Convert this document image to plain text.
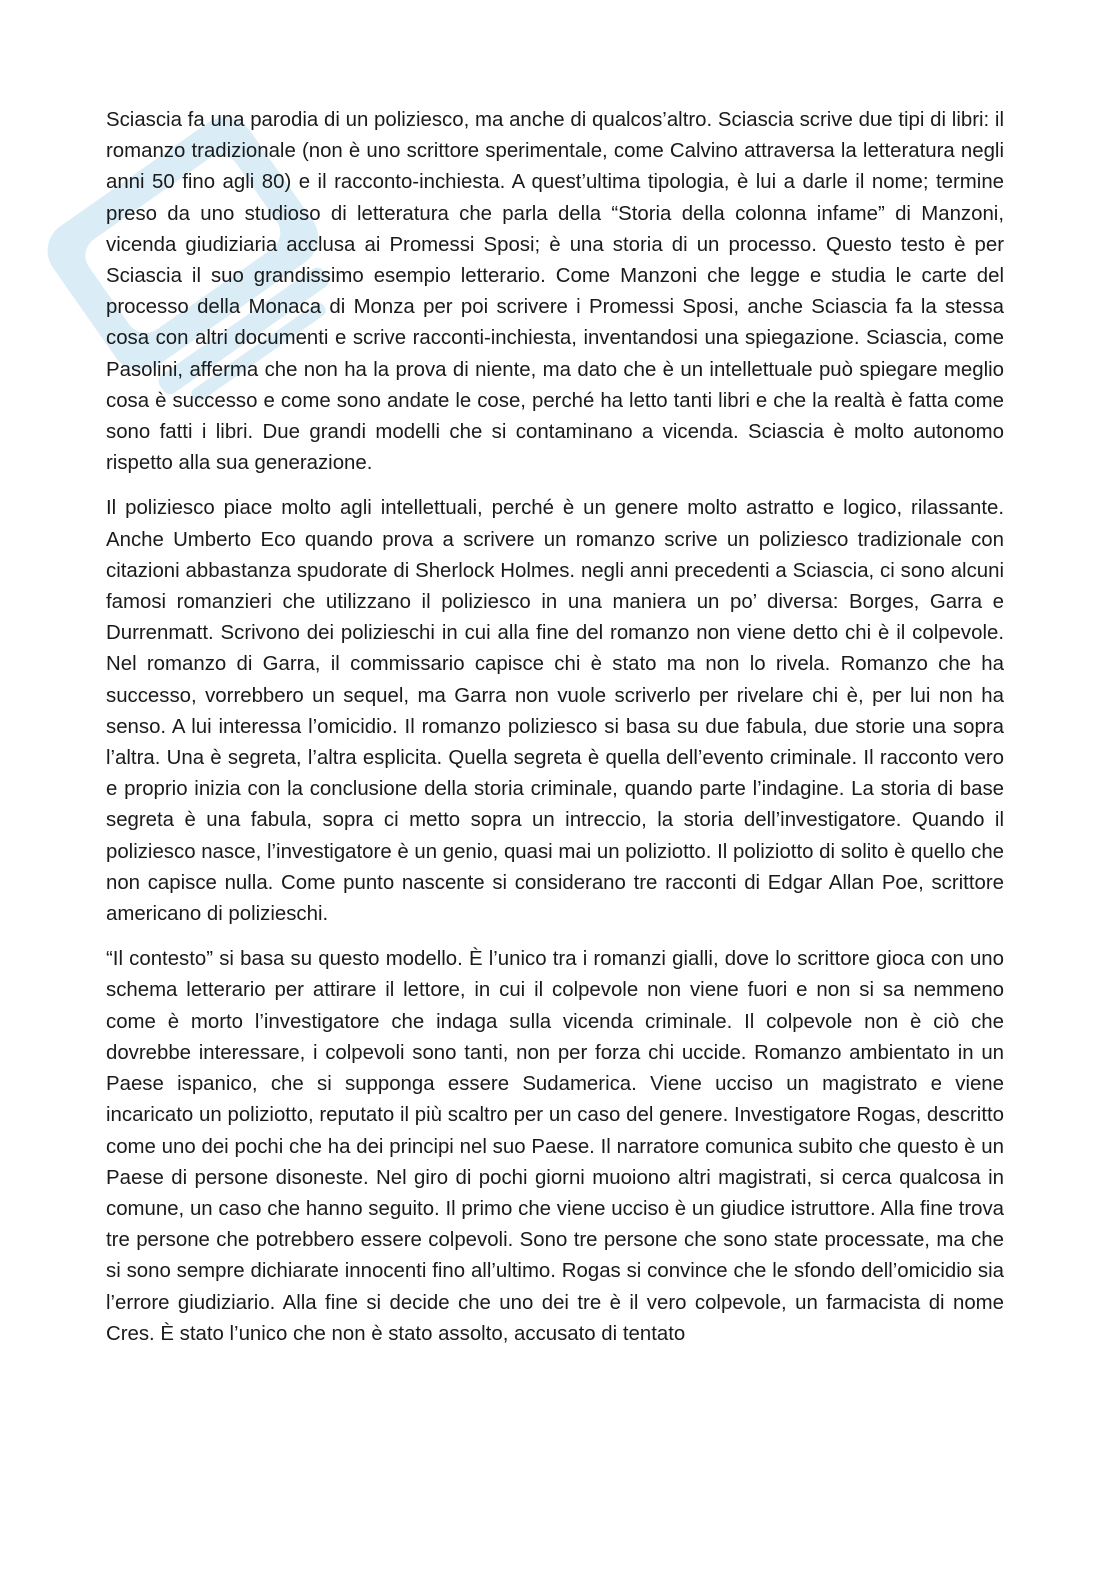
Sciascia fa una parodia di un poliziesco, ma anche di qualcos’altro. Sciascia scrive due tipi di libri: il romanzo tradizionale (non è uno scrittore sperimentale, come Calvino attraversa la letteratura negli anni 50 fino agli 80) e il racconto-inchiesta. A quest’ultima tipologia, è lui a darle il nome; termine preso da uno studioso di letteratura che parla della “Storia della colonna infame” di Manzoni, vicenda giudiziaria acclusa ai Promessi Sposi; è una storia di un processo. Questo testo è per Sciascia il suo grandissimo esempio letterario. Come Manzoni che legge e studia le carte del processo della Monaca di Monza per poi scrivere i Promessi Sposi, anche Sciascia fa la stessa cosa con altri documenti e scrive racconti-inchiesta, inventandosi una spiegazione. Sciascia, come Pasolini, afferma che non ha la prova di niente, ma dato che è un intellettuale può spiegare meglio cosa è successo e come sono andate le cose, perché ha letto tanti libri e che la realtà è fatta come sono fatti i libri. Due grandi modelli che si contaminano a vicenda. Sciascia è molto autonomo rispetto alla sua generazione.

Il poliziesco piace molto agli intellettuali, perché è un genere molto astratto e logico, rilassante. Anche Umberto Eco quando prova a scrivere un romanzo scrive un poliziesco tradizionale con citazioni abbastanza spudorate di Sherlock Holmes. negli anni precedenti a Sciascia, ci sono alcuni famosi romanzieri che utilizzano il poliziesco in una maniera un po’ diversa: Borges, Garra e Durrenmatt. Scrivono dei polizieschi in cui alla fine del romanzo non viene detto chi è il colpevole. Nel romanzo di Garra, il commissario capisce chi è stato ma non lo rivela. Romanzo che ha successo, vorrebbero un sequel, ma Garra non vuole scriverlo per rivelare chi è, per lui non ha senso. A lui interessa l’omicidio. Il romanzo poliziesco si basa su due fabula, due storie una sopra l’altra. Una è segreta, l’altra esplicita. Quella segreta è quella dell’evento criminale. Il racconto vero e proprio inizia con la conclusione della storia criminale, quando parte l’indagine. La storia di base segreta è una fabula, sopra ci metto sopra un intreccio, la storia dell’investigatore. Quando il poliziesco nasce, l’investigatore è un genio, quasi mai un poliziotto. Il poliziotto di solito è quello che non capisce nulla. Come punto nascente si considerano tre racconti di Edgar Allan Poe, scrittore americano di polizieschi.

“Il contesto” si basa su questo modello. È l’unico tra i romanzi gialli, dove lo scrittore gioca con uno schema letterario per attirare il lettore, in cui il colpevole non viene fuori e non si sa nemmeno come è morto l’investigatore che indaga sulla vicenda criminale. Il colpevole non è ciò che dovrebbe interessare, i colpevoli sono tanti, non per forza chi uccide. Romanzo ambientato in un Paese ispanico, che si supponga essere Sudamerica. Viene ucciso un magistrato e viene incaricato un poliziotto, reputato il più scaltro per un caso del genere. Investigatore Rogas, descritto come uno dei pochi che ha dei principi nel suo Paese. Il narratore comunica subito che questo è un Paese di persone disoneste. Nel giro di pochi giorni muoiono altri magistrati, si cerca qualcosa in comune, un caso che hanno seguito. Il primo che viene ucciso è un giudice istruttore. Alla fine trova tre persone che potrebbero essere colpevoli. Sono tre persone che sono state processate, ma che si sono sempre dichiarate innocenti fino all’ultimo. Rogas si convince che le sfondo dell’omicidio sia l’errore giudiziario. Alla fine si decide che uno dei tre è il vero colpevole, un farmacista di nome Cres. È stato l’unico che non è stato assolto, accusato di tentato
